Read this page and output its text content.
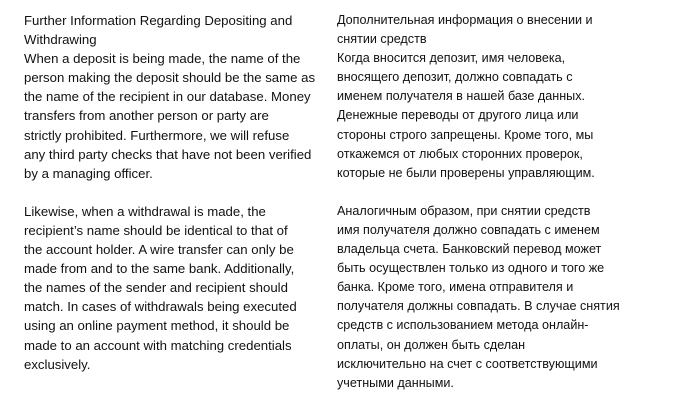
Further Information Regarding Depositing and
Withdrawing
When a deposit is being made, the name of the
person making the deposit should be the same as
the name of the recipient in our database. Money
transfers from another person or party are
strictly prohibited. Furthermore, we will refuse
any third party checks that have not been verified
by a managing officer.
Likewise, when a withdrawal is made, the
recipient’s name should be identical to that of
the account holder. A wire transfer can only be
made from and to the same bank. Additionally,
the names of the sender and recipient should
match. In cases of withdrawals being executed
using an online payment method, it should be
made to an account with matching credentials
exclusively.
Дополнительная информация о внесении и
снятии средств
Когда вносится депозит, имя человека,
вносящего депозит, должно совпадать с
именем получателя в нашей базе данных.
Денежные переводы от другого лица или
стороны строго запрещены. Кроме того, мы
откажемся от любых сторонних проверок,
которые не были проверены управляющим.
Аналогичным образом, при снятии средств
имя получателя должно совпадать с именем
владельца счета. Банковский перевод может
быть осуществлен только из одного и того же
банка. Кроме того, имена отправителя и
получателя должны совпадать. В случае снятия
средств с использованием метода онлайн-
оплаты, он должен быть сделан
исключительно на счет с соответствующими
учетными данными.
